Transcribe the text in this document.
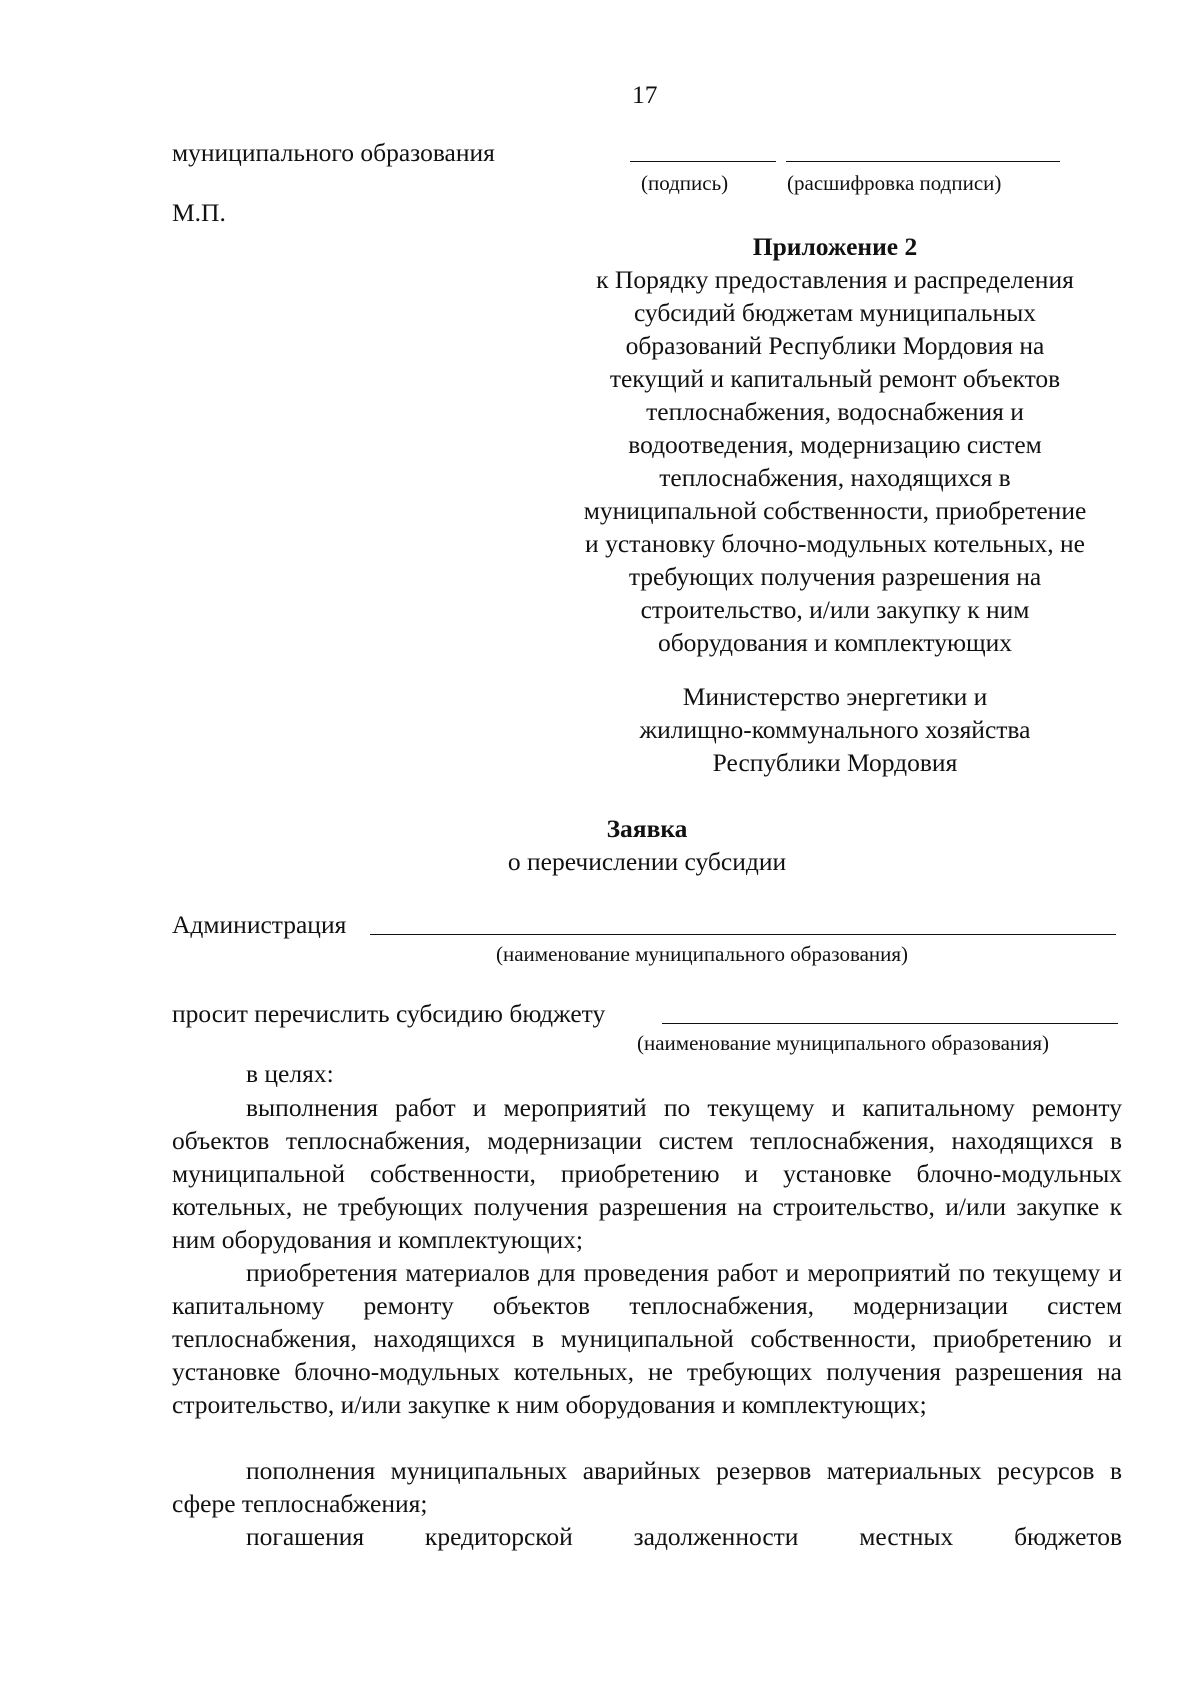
17
муниципального образования
(подпись)	(расшифровка подписи)
М.П.
Приложение 2
к Порядку предоставления и распределения
субсидий бюджетам муниципальных
образований Республики Мордовия на
текущий и капитальный ремонт объектов
теплоснабжения, водоснабжения и
водоотведения, модернизацию систем
теплоснабжения, находящихся в
муниципальной собственности, приобретение
и установку блочно-модульных котельных, не
требующих получения разрешения на
строительство, и/или закупку к ним
оборудования и комплектующих
Министерство энергетики и
жилищно-коммунального хозяйства
Республики Мордовия
Заявка
о перечислении субсидии
Администрация
(наименование муниципального образования)
просит перечислить субсидию бюджету
(наименование муниципального образования)
в целях:
выполнения работ и мероприятий по текущему и капитальному ремонту объектов теплоснабжения, модернизации систем теплоснабжения, находящихся в муниципальной собственности, приобретению и установке блочно-модульных котельных, не требующих получения разрешения на строительство, и/или закупке к ним оборудования и комплектующих;
приобретения материалов для проведения работ и мероприятий по текущему и капитальному ремонту объектов теплоснабжения, модернизации систем теплоснабжения, находящихся в муниципальной собственности, приобретению и установке блочно-модульных котельных, не требующих получения разрешения на строительство, и/или закупке к ним оборудования и комплектующих;
пополнения муниципальных аварийных резервов материальных ресурсов в сфере теплоснабжения;
погашения кредиторской задолженности местных бюджетов
